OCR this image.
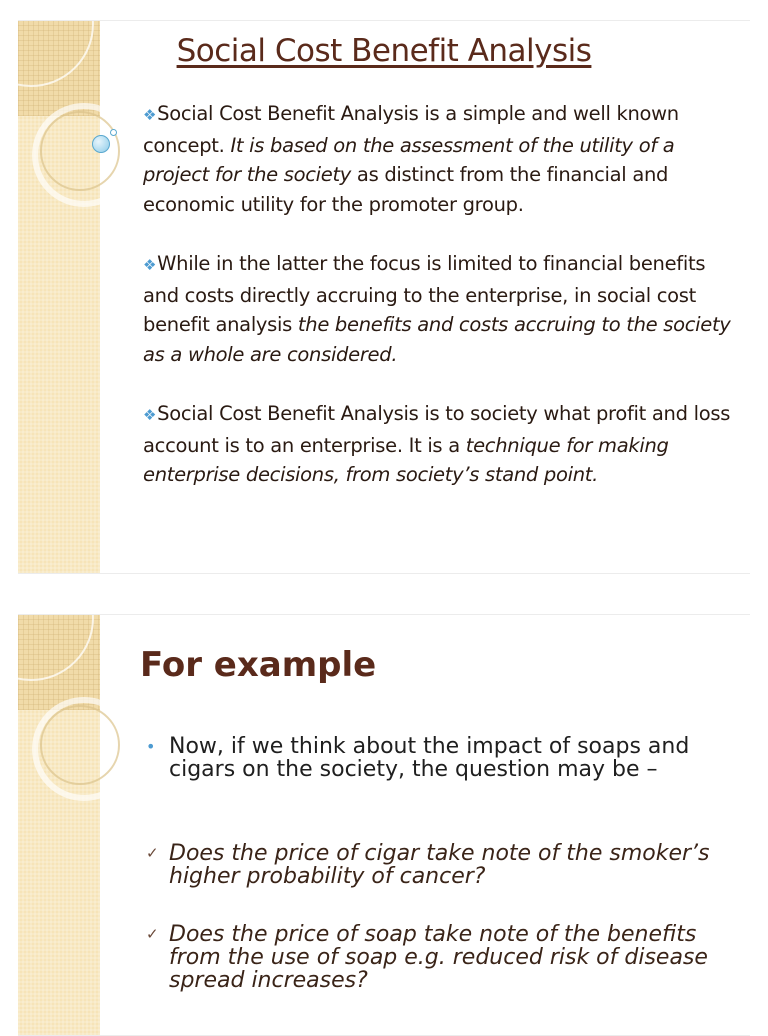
Social Cost Benefit Analysis

❖Social Cost Benefit Analysis is a simple and well known concept. It is based on the assessment of the utility of a project for the society as distinct from the financial and economic utility for the promoter group.

❖While in the latter the focus is limited to financial benefits and costs directly accruing to the enterprise, in social cost benefit analysis the benefits and costs accruing to the society as a whole are considered.

❖Social Cost Benefit Analysis is to society what profit and loss account is to an enterprise. It is a technique for making enterprise decisions, from society’s stand point.

For example
• Now, if we think about the impact of soaps and cigars on the society, the question may be –

✓ Does the price of cigar take note of the smoker’s higher probability of cancer?

✓ Does the price of soap take note of the benefits from the use of soap e.g. reduced risk of disease spread increases?
